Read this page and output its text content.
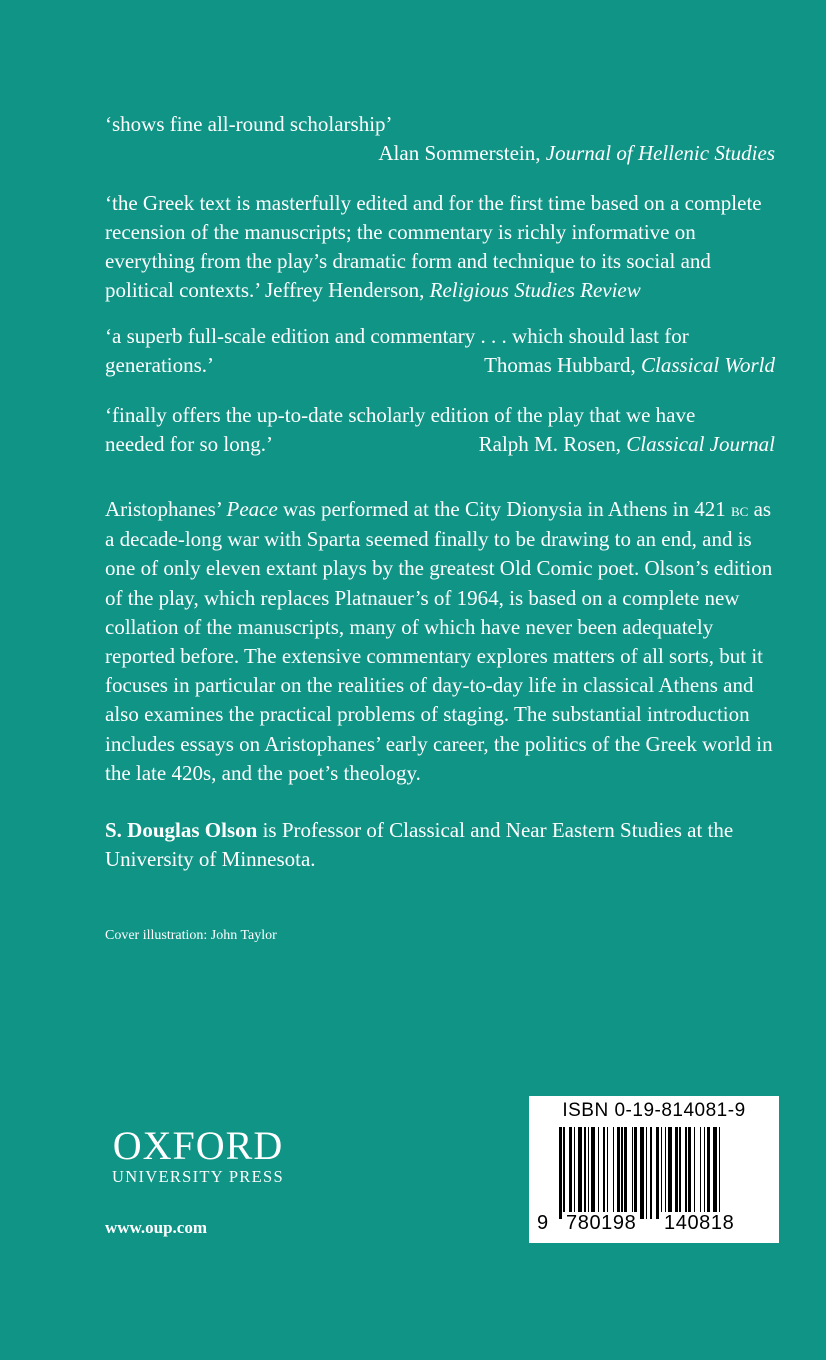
‘shows fine all-round scholarship’
Alan Sommerstein, Journal of Hellenic Studies
‘the Greek text is masterfully edited and for the first time based on a complete recension of the manuscripts; the commentary is richly informative on everything from the play’s dramatic form and technique to its social and political contexts.’ Jeffrey Henderson, Religious Studies Review
‘a superb full-scale edition and commentary . . . which should last for
generations.’	Thomas Hubbard, Classical World
‘finally offers the up-to-date scholarly edition of the play that we have
needed for so long.’	Ralph M. Rosen, Classical Journal
Aristophanes’ Peace was performed at the City Dionysia in Athens in 421 bc as a decade-long war with Sparta seemed finally to be drawing to an end, and is one of only eleven extant plays by the greatest Old Comic poet. Olson’s edition of the play, which replaces Platnauer’s of 1964, is based on a complete new collation of the manuscripts, many of which have never been adequately reported before. The extensive commentary explores matters of all sorts, but it focuses in particular on the realities of day-to-day life in classical Athens and also examines the practical problems of staging. The substantial introduction includes essays on Aristophanes’ early career, the politics of the Greek world in the late 420s, and the poet’s theology.
S. Douglas Olson is Professor of Classical and Near Eastern Studies at the University of Minnesota.
Cover illustration: John Taylor
OXFORD
UNIVERSITY PRESS
www.oup.com
ISBN 0-19-814081-9
9 780198 140818
